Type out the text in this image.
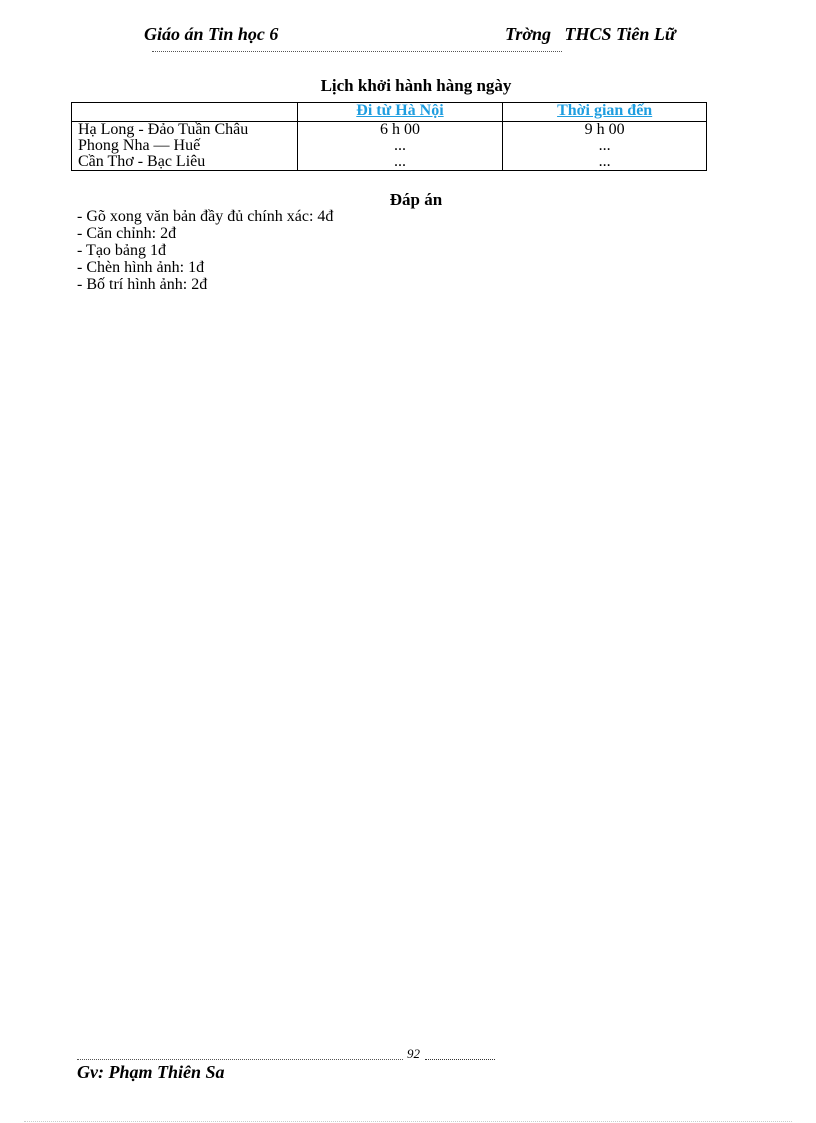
Giáo án Tin học 6	Trờng   THCS Tiên Lữ
Lịch khởi hành hàng ngày
	Đi từ Hà Nội	Thời gian đến
Hạ Long - Đảo Tuần Châu	6 h 00	9 h 00
Phong Nha — Huế	...	...
Cần Thơ - Bạc Liêu	...	...
Đáp án
- Gõ xong văn bản đầy đủ chính xác: 4đ
- Căn chỉnh: 2đ
- Tạo bảng 1đ
- Chèn hình ảnh: 1đ
- Bố trí hình ảnh: 2đ
92
Gv: Phạm Thiên Sa
